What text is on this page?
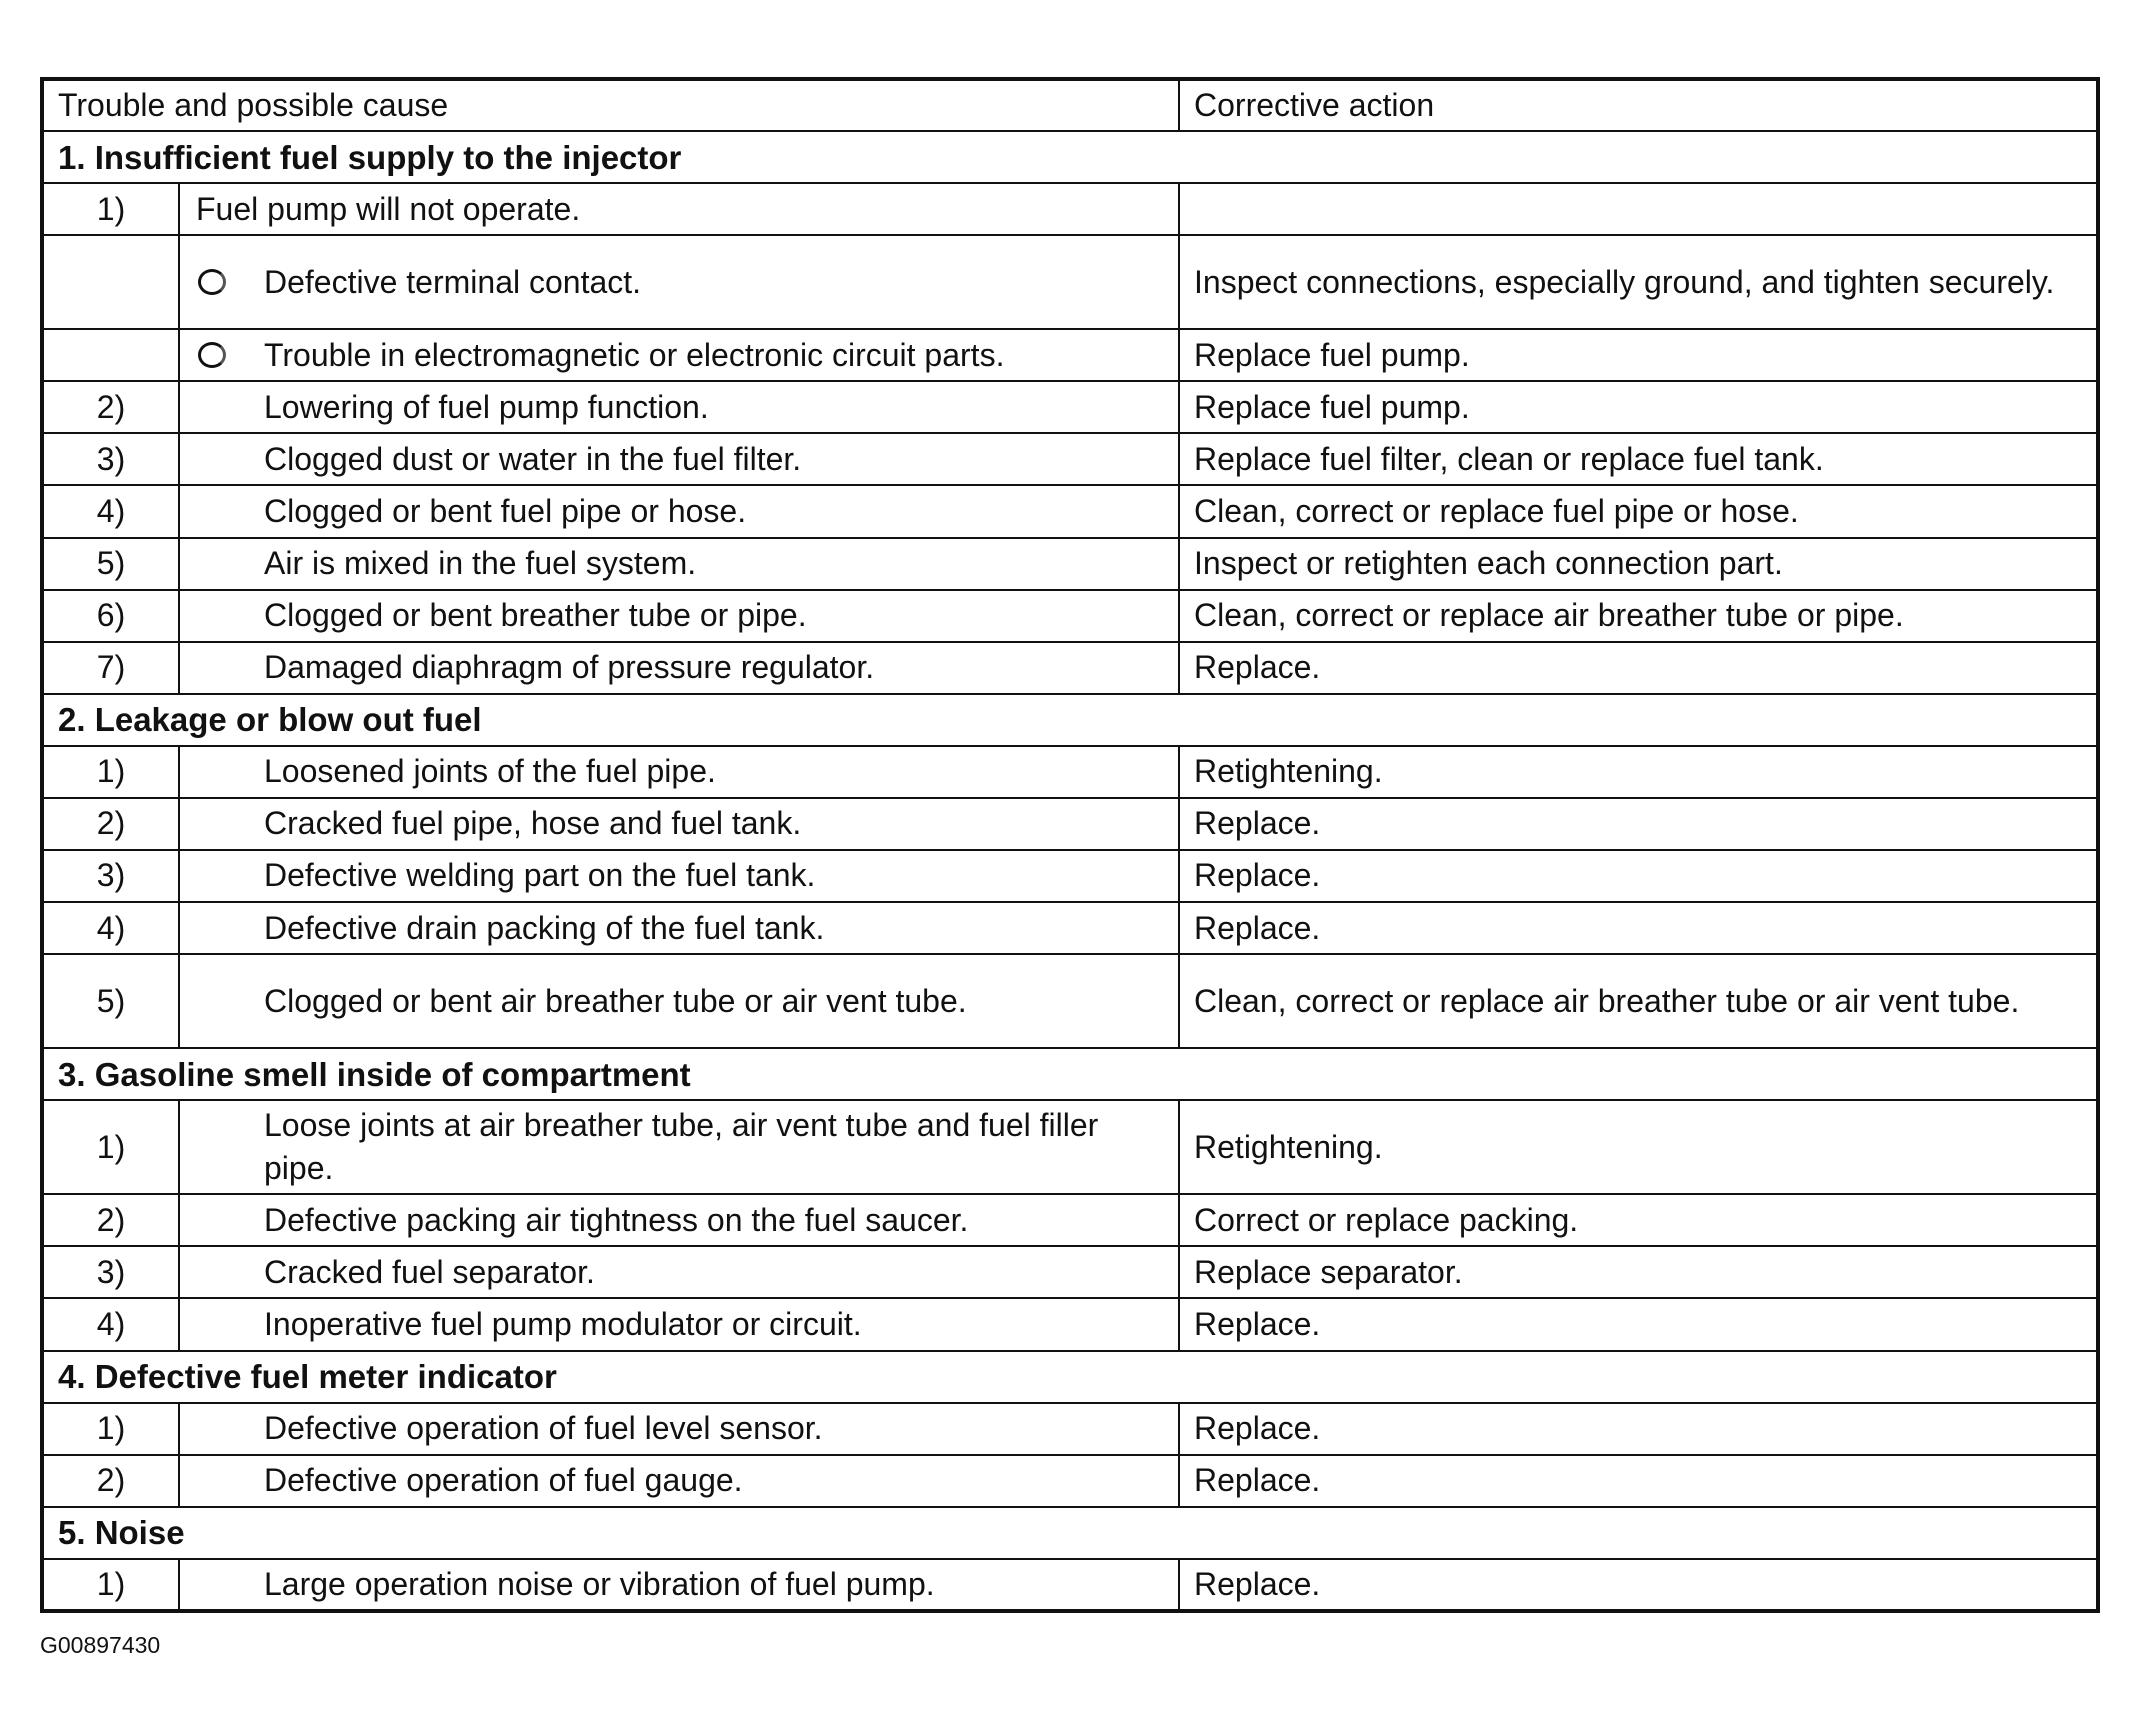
Trouble and possible cause		Corrective action
1. Insufficient fuel supply to the injector		
1)	Fuel pump will not operate.	

	Defective terminal contact.	Inspect connections, especially ground, and tighten securely.

	Trouble in electromagnetic or electronic circuit parts.	Replace fuel pump.
2)	Lowering of fuel pump function.	Replace fuel pump.
3)	Clogged dust or water in the fuel filter.	Replace fuel filter, clean or replace fuel tank.
4)	Clogged or bent fuel pipe or hose.	Clean, correct or replace fuel pipe or hose.
5)	Air is mixed in the fuel system.	Inspect or retighten each connection part.
6)	Clogged or bent breather tube or pipe.	Clean, correct or replace air breather tube or pipe.
7)	Damaged diaphragm of pressure regulator.	Replace.
2. Leakage or blow out fuel		
1)	Loosened joints of the fuel pipe.	Retightening.
2)	Cracked fuel pipe, hose and fuel tank.	Replace.
3)	Defective welding part on the fuel tank.	Replace.
4)	Defective drain packing of the fuel tank.	Replace.
5)	Clogged or bent air breather tube or air vent tube.	Clean, correct or replace air breather tube or air vent tube.
3. Gasoline smell inside of compartment		
1)	Loose joints at air breather tube, air vent tube and fuel filler pipe.	Retightening.
2)	Defective packing air tightness on the fuel saucer.	Correct or replace packing.
3)	Cracked fuel separator.	Replace separator.
4)	Inoperative fuel pump modulator or circuit.	Replace.
4. Defective fuel meter indicator		
1)	Defective operation of fuel level sensor.	Replace.
2)	Defective operation of fuel gauge.	Replace.
5. Noise		
1)	Large operation noise or vibration of fuel pump.	Replace.
G00897430
